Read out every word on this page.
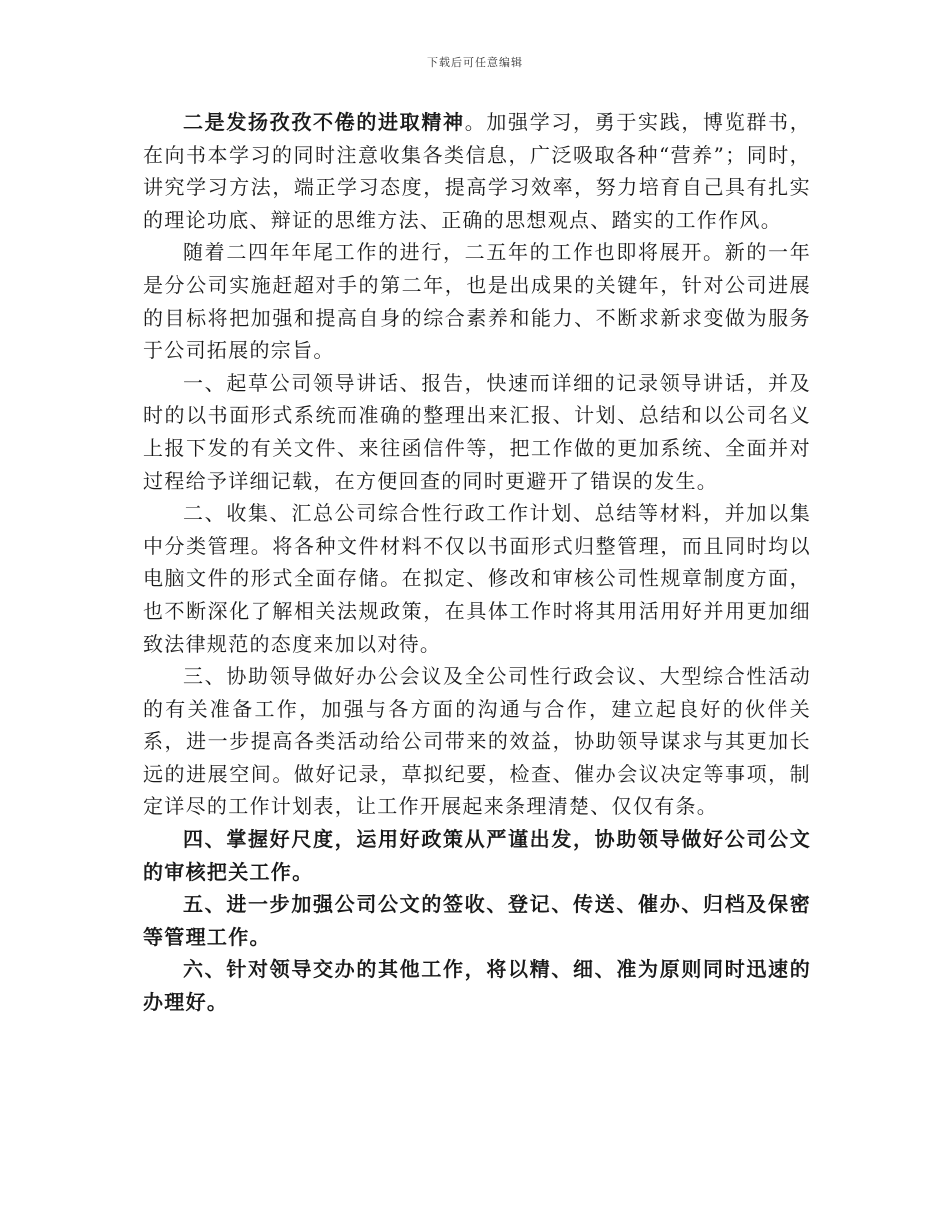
下载后可任意编辑

二是发扬孜孜不倦的进取精神。加强学习，勇于实践，博览群书，在向书本学习的同时注意收集各类信息，广泛吸取各种“营养”；同时，讲究学习方法，端正学习态度，提高学习效率，努力培育自己具有扎实的理论功底、辩证的思维方法、正确的思想观点、踏实的工作作风。

随着二四年年尾工作的进行，二五年的工作也即将展开。新的一年是分公司实施赶超对手的第二年，也是出成果的关键年，针对公司进展的目标将把加强和提高自身的综合素养和能力、不断求新求变做为服务于公司拓展的宗旨。

一、起草公司领导讲话、报告，快速而详细的记录领导讲话，并及时的以书面形式系统而准确的整理出来汇报、计划、总结和以公司名义上报下发的有关文件、来往函信件等，把工作做的更加系统、全面并对过程给予详细记载，在方便回查的同时更避开了错误的发生。

二、收集、汇总公司综合性行政工作计划、总结等材料，并加以集中分类管理。将各种文件材料不仅以书面形式归整管理，而且同时均以电脑文件的形式全面存储。在拟定、修改和审核公司性规章制度方面，也不断深化了解相关法规政策，在具体工作时将其用活用好并用更加细致法律规范的态度来加以对待。

三、协助领导做好办公会议及全公司性行政会议、大型综合性活动的有关准备工作，加强与各方面的沟通与合作，建立起良好的伙伴关系，进一步提高各类活动给公司带来的效益，协助领导谋求与其更加长远的进展空间。做好记录，草拟纪要，检查、催办会议决定等事项，制定详尽的工作计划表，让工作开展起来条理清楚、仅仅有条。

四、掌握好尺度，运用好政策从严谨出发，协助领导做好公司公文的审核把关工作。

五、进一步加强公司公文的签收、登记、传送、催办、归档及保密等管理工作。

六、针对领导交办的其他工作，将以精、细、准为原则同时迅速的办理好。
